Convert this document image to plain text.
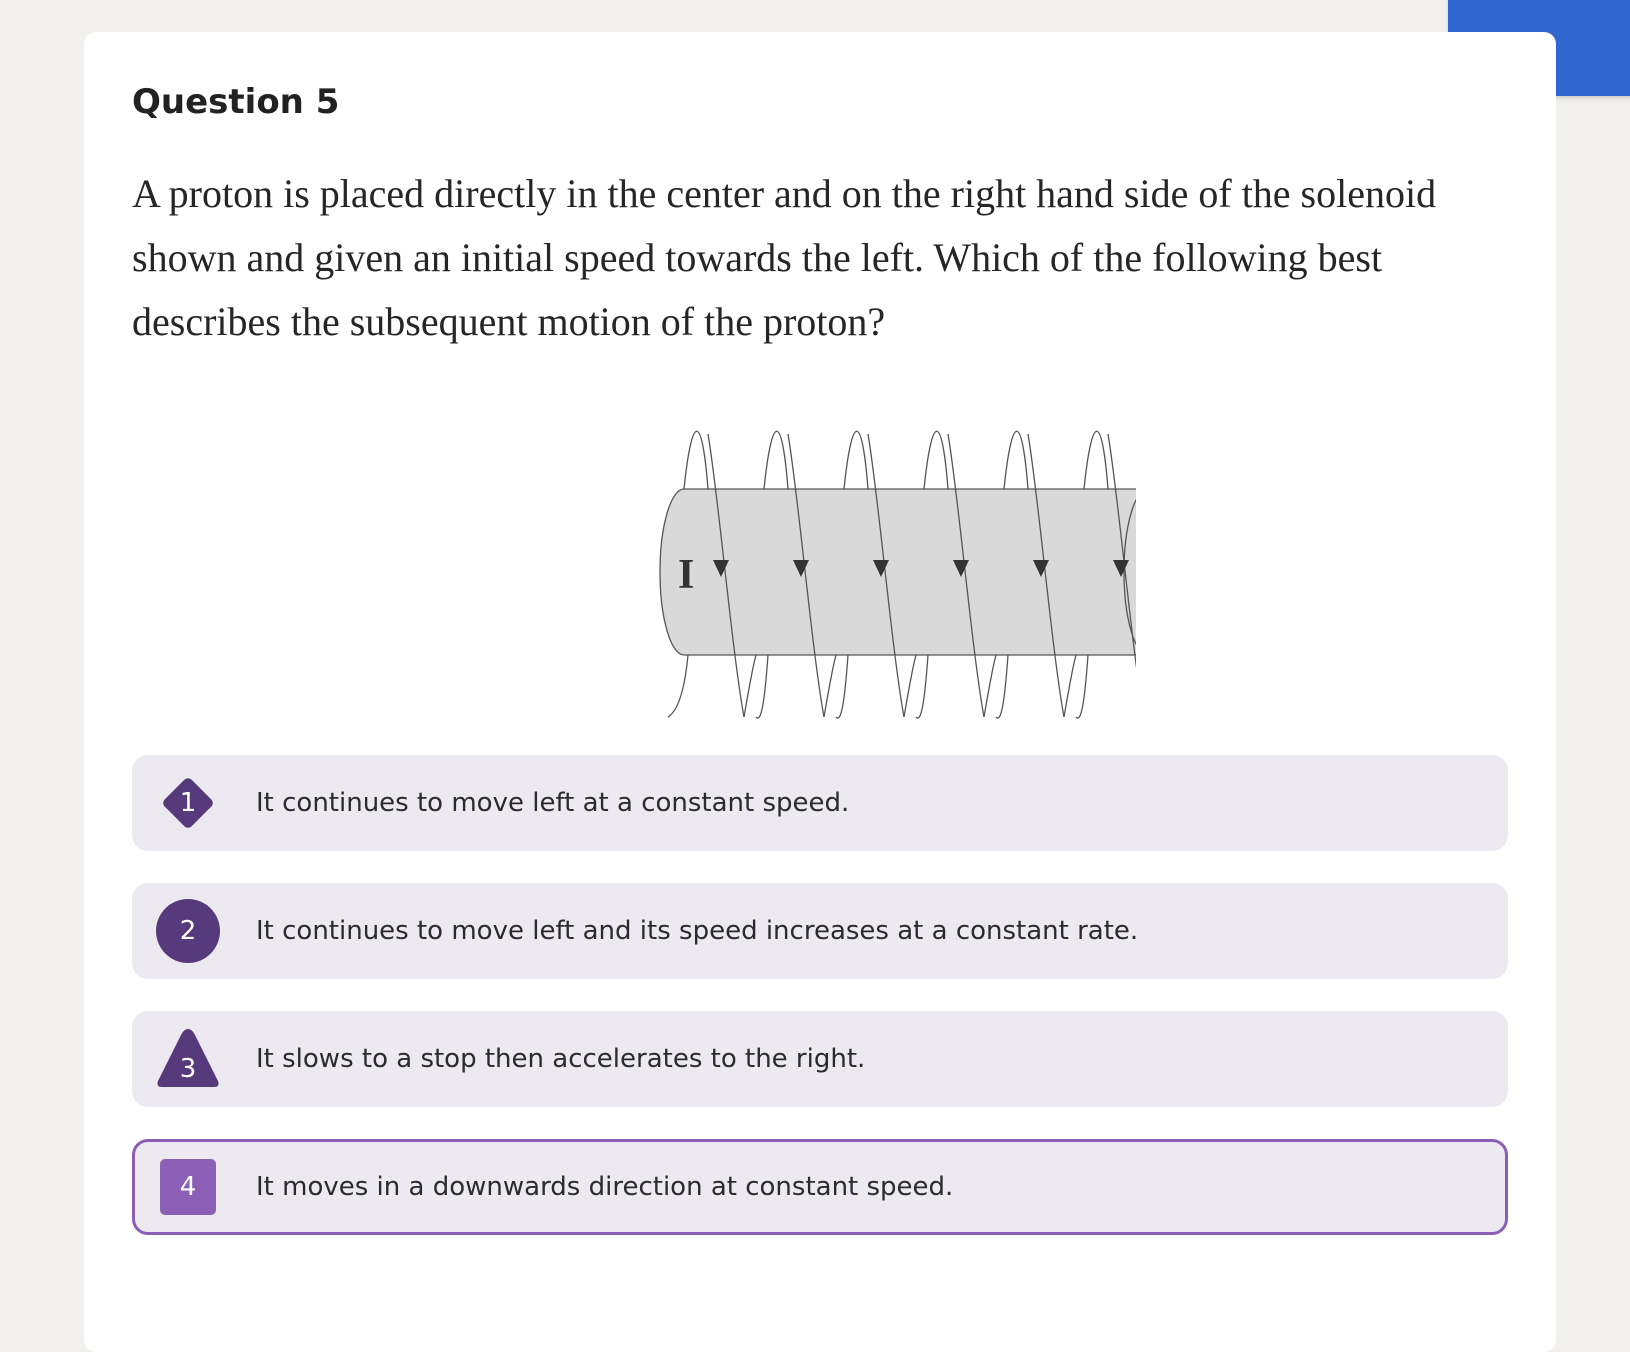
Question 5

A proton is placed directly in the center and on the right hand side of the solenoid shown and given an initial speed towards the left. Which of the following best describes the subsequent motion of the proton?

I
1	It continues to move left at a constant speed.
2	It continues to move left and its speed increases at a constant rate.
3	It slows to a stop then accelerates to the right.
4	It moves in a downwards direction at constant speed.
